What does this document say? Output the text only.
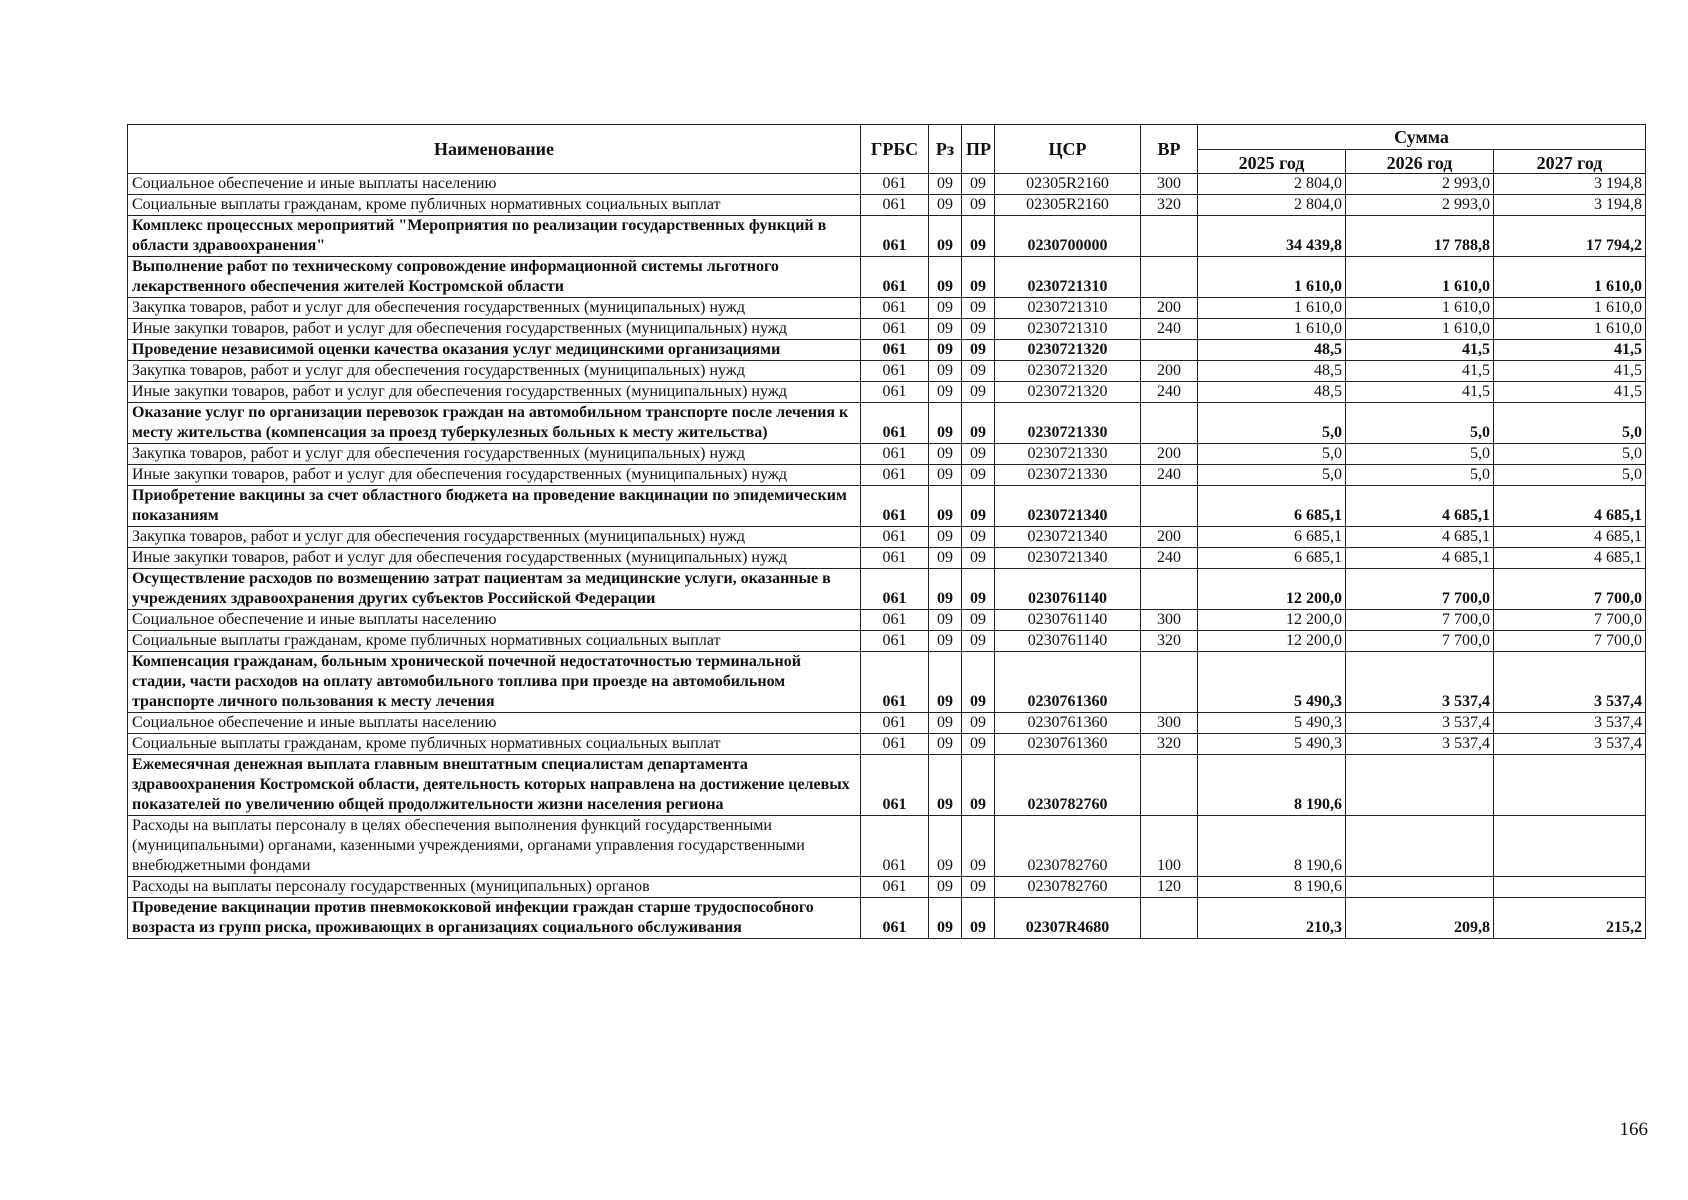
Наименование	ГРБС	Рз	ПР	ЦСР	ВР	Сумма		
						2025 год	2026 год	2027 год
Социальное обеспечение и иные выплаты населению	061	09	09	02305R2160	300	2 804,0	2 993,0	3 194,8
Социальные выплаты гражданам, кроме публичных нормативных социальных выплат	061	09	09	02305R2160	320	2 804,0	2 993,0	3 194,8
Комплекс процессных мероприятий "Мероприятия по реализации государственных функций в области здравоохранения"	061	09	09	0230700000		34 439,8	17 788,8	17 794,2
Выполнение работ по техническому сопровождение информационной системы льготного лекарственного обеспечения жителей Костромской области	061	09	09	0230721310		1 610,0	1 610,0	1 610,0
Закупка товаров, работ и услуг для обеспечения государственных (муниципальных) нужд	061	09	09	0230721310	200	1 610,0	1 610,0	1 610,0
Иные закупки товаров, работ и услуг для обеспечения государственных (муниципальных) нужд	061	09	09	0230721310	240	1 610,0	1 610,0	1 610,0
Проведение независимой оценки качества оказания услуг медицинскими организациями	061	09	09	0230721320		48,5	41,5	41,5
Закупка товаров, работ и услуг для обеспечения государственных (муниципальных) нужд	061	09	09	0230721320	200	48,5	41,5	41,5
Иные закупки товаров, работ и услуг для обеспечения государственных (муниципальных) нужд	061	09	09	0230721320	240	48,5	41,5	41,5
Оказание услуг по организации перевозок граждан на автомобильном транспорте после лечения к месту жительства (компенсация за проезд туберкулезных больных к месту жительства)	061	09	09	0230721330		5,0	5,0	5,0
Закупка товаров, работ и услуг для обеспечения государственных (муниципальных) нужд	061	09	09	0230721330	200	5,0	5,0	5,0
Иные закупки товаров, работ и услуг для обеспечения государственных (муниципальных) нужд	061	09	09	0230721330	240	5,0	5,0	5,0
Приобретение вакцины за счет областного бюджета на проведение вакцинации по эпидемическим показаниям	061	09	09	0230721340		6 685,1	4 685,1	4 685,1
Закупка товаров, работ и услуг для обеспечения государственных (муниципальных) нужд	061	09	09	0230721340	200	6 685,1	4 685,1	4 685,1
Иные закупки товаров, работ и услуг для обеспечения государственных (муниципальных) нужд	061	09	09	0230721340	240	6 685,1	4 685,1	4 685,1
Осуществление расходов по возмещению затрат пациентам за медицинские услуги, оказанные в учреждениях здравоохранения других субъектов Российской Федерации	061	09	09	0230761140		12 200,0	7 700,0	7 700,0
Социальное обеспечение и иные выплаты населению	061	09	09	0230761140	300	12 200,0	7 700,0	7 700,0
Социальные выплаты гражданам, кроме публичных нормативных социальных выплат	061	09	09	0230761140	320	12 200,0	7 700,0	7 700,0
Компенсация гражданам, больным хронической почечной недостаточностью терминальной стадии, части расходов на оплату автомобильного топлива при проезде на автомобильном транспорте личного пользования к месту лечения	061	09	09	0230761360		5 490,3	3 537,4	3 537,4
Социальное обеспечение и иные выплаты населению	061	09	09	0230761360	300	5 490,3	3 537,4	3 537,4
Социальные выплаты гражданам, кроме публичных нормативных социальных выплат	061	09	09	0230761360	320	5 490,3	3 537,4	3 537,4
Ежемесячная денежная выплата главным внештатным специалистам департамента здравоохранения Костромской области, деятельность которых направлена на достижение целевых показателей по увеличению общей продолжительности жизни населения региона	061	09	09	0230782760		8 190,6		
Расходы на выплаты персоналу в целях обеспечения выполнения функций государственными (муниципальными) органами, казенными учреждениями, органами управления государственными внебюджетными фондами	061	09	09	0230782760	100	8 190,6		
Расходы на выплаты персоналу государственных (муниципальных) органов	061	09	09	0230782760	120	8 190,6		
Проведение вакцинации против пневмококковой инфекции граждан старше трудоспособного возраста из групп риска, проживающих в организациях социального обслуживания	061	09	09	02307R4680		210,3	209,8	215,2
166
